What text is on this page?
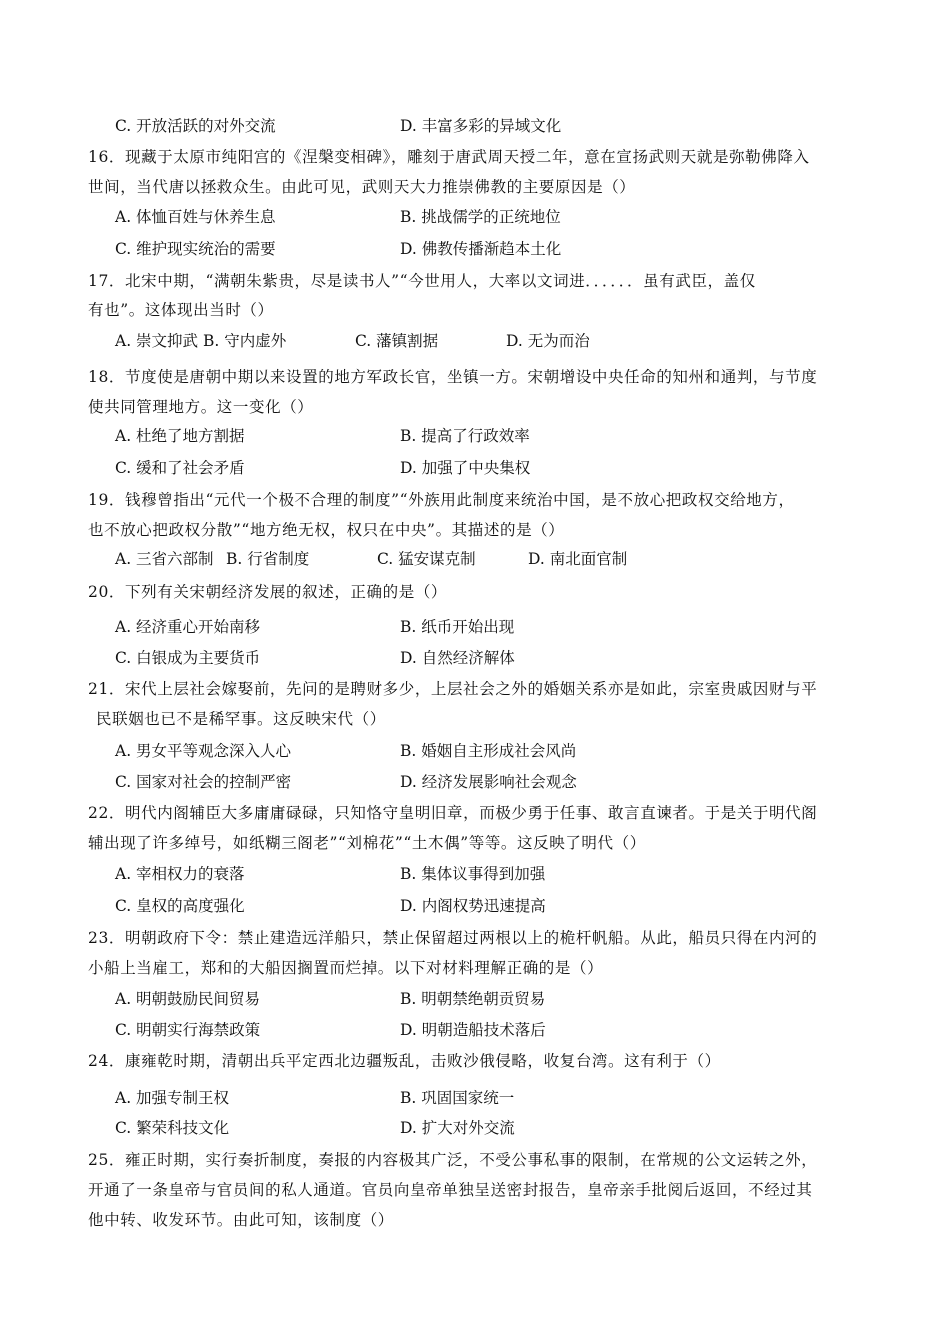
C. 开放活跃的对外交流	D. 丰富多彩的异域文化
16．现藏于太原市纯阳宫的《涅槃变相碑》，雕刻于唐武周天授二年，意在宣扬武则天就是弥勒佛降入
世间，当代唐以拯救众生。由此可见，武则天大力推崇佛教的主要原因是（）
A. 体恤百姓与休养生息	B. 挑战儒学的正统地位
C. 维护现实统治的需要	D. 佛教传播渐趋本土化
17．北宋中期，“满朝朱紫贵，尽是读书人”“今世用人，大率以文词进．．．．．．虽有武臣，盖仅
有也”。这体现出当时（）
A. 崇文抑武 B. 守内虚外	C. 藩镇割据	D. 无为而治
18．节度使是唐朝中期以来设置的地方军政长官，坐镇一方。宋朝增设中央任命的知州和通判，与节度
使共同管理地方。这一变化（）
A. 杜绝了地方割据	B. 提高了行政效率
C. 缓和了社会矛盾	D. 加强了中央集权
19．钱穆曾指出“元代一个极不合理的制度”“外族用此制度来统治中国，是不放心把政权交给地方，
也不放心把政权分散”“地方绝无权，权只在中央”。其描述的是（）
A. 三省六部制 B. 行省制度	C. 猛安谋克制	D. 南北面官制
20．下列有关宋朝经济发展的叙述，正确的是（）
A. 经济重心开始南移	B. 纸币开始出现
C. 白银成为主要货币	D. 自然经济解体
21．宋代上层社会嫁娶前，先问的是聘财多少，上层社会之外的婚姻关系亦是如此，宗室贵戚因财与平
民联姻也已不是稀罕事。这反映宋代（）
A. 男女平等观念深入人心	B. 婚姻自主形成社会风尚
C. 国家对社会的控制严密	D. 经济发展影响社会观念
22．明代内阁辅臣大多庸庸碌碌，只知恪守皇明旧章，而极少勇于任事、敢言直谏者。于是关于明代阁
辅出现了许多绰号，如纸糊三阁老”“刘棉花”“土木偶”等等。这反映了明代（）
A. 宰相权力的衰落	B. 集体议事得到加强
C. 皇权的高度强化	D. 内阁权势迅速提高
23．明朝政府下令：禁止建造远洋船只，禁止保留超过两根以上的桅杆帆船。从此，船员只得在内河的
小船上当雇工，郑和的大船因搁置而烂掉。以下对材料理解正确的是（）
A. 明朝鼓励民间贸易	B. 明朝禁绝朝贡贸易
C. 明朝实行海禁政策	D. 明朝造船技术落后
24．康雍乾时期，清朝出兵平定西北边疆叛乱，击败沙俄侵略，收复台湾。这有利于（）
A. 加强专制王权	B. 巩固国家统一
C. 繁荣科技文化	D. 扩大对外交流
25．雍正时期，实行奏折制度，奏报的内容极其广泛，不受公事私事的限制，在常规的公文运转之外，
开通了一条皇帝与官员间的私人通道。官员向皇帝单独呈送密封报告，皇帝亲手批阅后返回，不经过其
他中转、收发环节。由此可知，该制度（）
